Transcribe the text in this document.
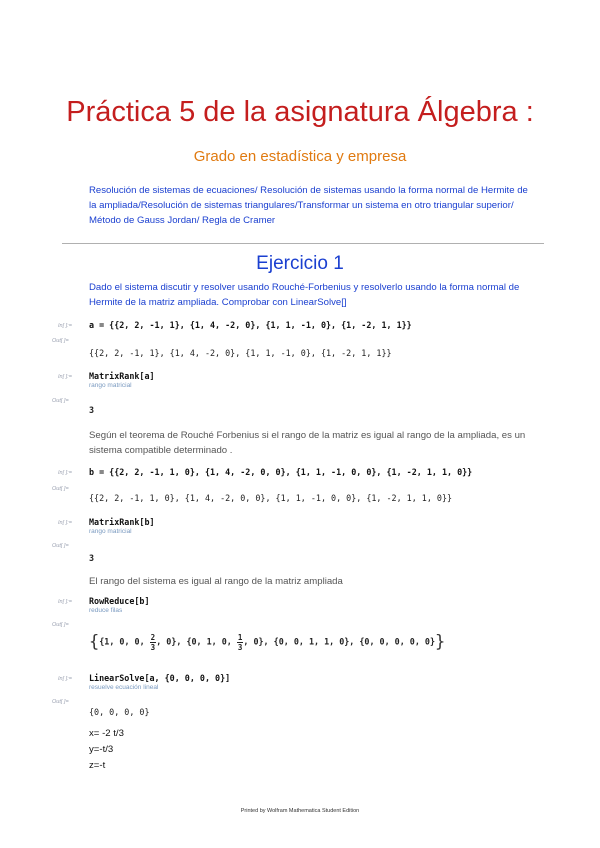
Práctica 5 de la asignatura Álgebra :
Grado en estadística y empresa
Resolución de sistemas de ecuaciones/ Resolución de sistemas usando la forma normal de Hermite de la ampliada/Resolución de sistemas triangulares/Transformar un sistema en otro triangular superior/ Método de Gauss Jordan/ Regla de Cramer
Ejercicio 1
Dado el sistema discutir y resolver usando Rouché-Forbenius y resolverlo usando la forma normal de Hermite de la matriz ampliada. Comprobar con LinearSolve[]
In[ ]:= a = {{2, 2, -1, 1}, {1, 4, -2, 0}, {1, 1, -1, 0}, {1, -2, 1, 1}}
Out[ ]=
{{2, 2, -1, 1}, {1, 4, -2, 0}, {1, 1, -1, 0}, {1, -2, 1, 1}}
In[ ]:= MatrixRank[a]
rango matricial
Out[ ]=
3
Según el teorema de Rouché Forbenius si el rango de la matriz es igual al rango de la ampliada, es un sistema compatible determinado .
In[ ]:= b = {{2, 2, -1, 1, 0}, {1, 4, -2, 0, 0}, {1, 1, -1, 0, 0}, {1, -2, 1, 1, 0}}
Out[ ]=
{{2, 2, -1, 1, 0}, {1, 4, -2, 0, 0}, {1, 1, -1, 0, 0}, {1, -2, 1, 1, 0}}
In[ ]:= MatrixRank[b]
rango matricial
Out[ ]=
3
El rango del sistema es igual al rango de la matriz ampliada
In[ ]:= RowReduce[b]
reduce filas
Out[ ]=
{{1, 0, 0, $\frac{2}{3}$ , 0}, {0, 1, 0, $\frac{1}{3}$ , 0}, {0, 0, 1, 1, 0}, {0, 0, 0, 0, 0}}
In[ ]:= LinearSolve[a, {0, 0, 0, 0}]
resuelve ecuación lineal
Out[ ]=
{0, 0, 0, 0}
x= -2 t/3
y=-t/3
z=-t
Printed by Wolfram Mathematica Student Edition
